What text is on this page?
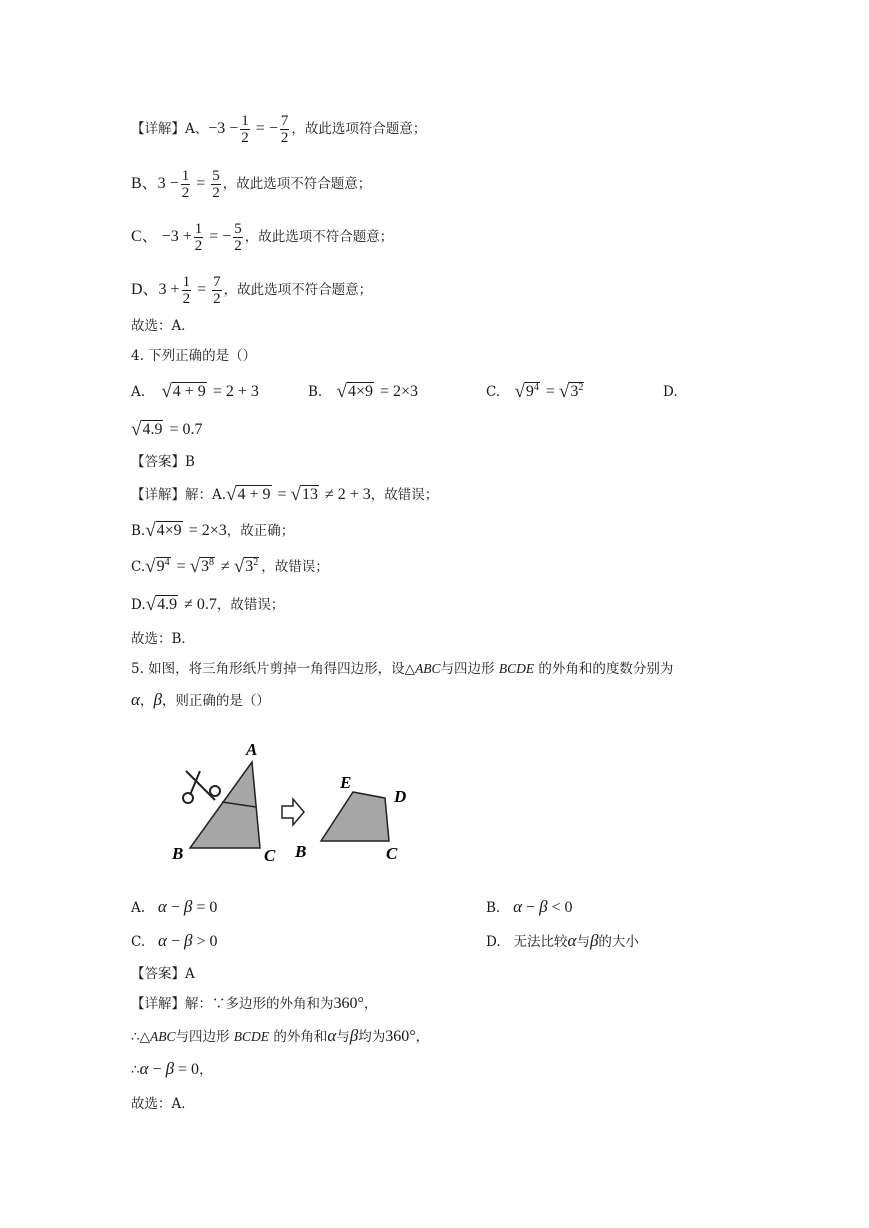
【详解】A、$-3 - \frac{1}{2}$ = − $\frac{7}{2}$ ，故此选项符合题意；
B、$3 - \frac{1}{2} = \frac{5}{2}$ ，故此选项不符合题意；
C、 $-3 + \frac{1}{2}$ = − $\frac{5}{2}$ ，故此选项不符合题意；
D、$3 + \frac{1}{2} = \frac{7}{2}$ ，故此选项不符合题意；
故选：A．
4. 下列正确的是（）
A. √4 + 9 = 2 + 3	B. √4×9 = 2×3	C. $√9^4 = √3^2$	D.
√4.9 = 0.7
【答案】B
【详解】解：A.√4 + 9 = √13 ≠ 2 + 3，故错误；
B.√4×9 = 2×3，故正确；
$C.√9^4 = √3^8 \ne √3^2$ ，故错误；
D.√4.9 ≠ 0.7，故错误；
故选：B．
5. 如图，将三角形纸片剪掉一角得四边形，设△ABC与四边形 BCDE 的外角和的度数分别为
α，β，则正确的是（）
A
B	C
E
D
B	C
A. α − β = 0	B. α − β < 0
C. α − β > 0	D. 无法比较α与β的大小
【答案】A
【详解】解：∵多边形的外角和为360°，
∴△ABC与四边形 BCDE 的外角和α与β均为360°，
∴α − β = 0，
故选：A．
